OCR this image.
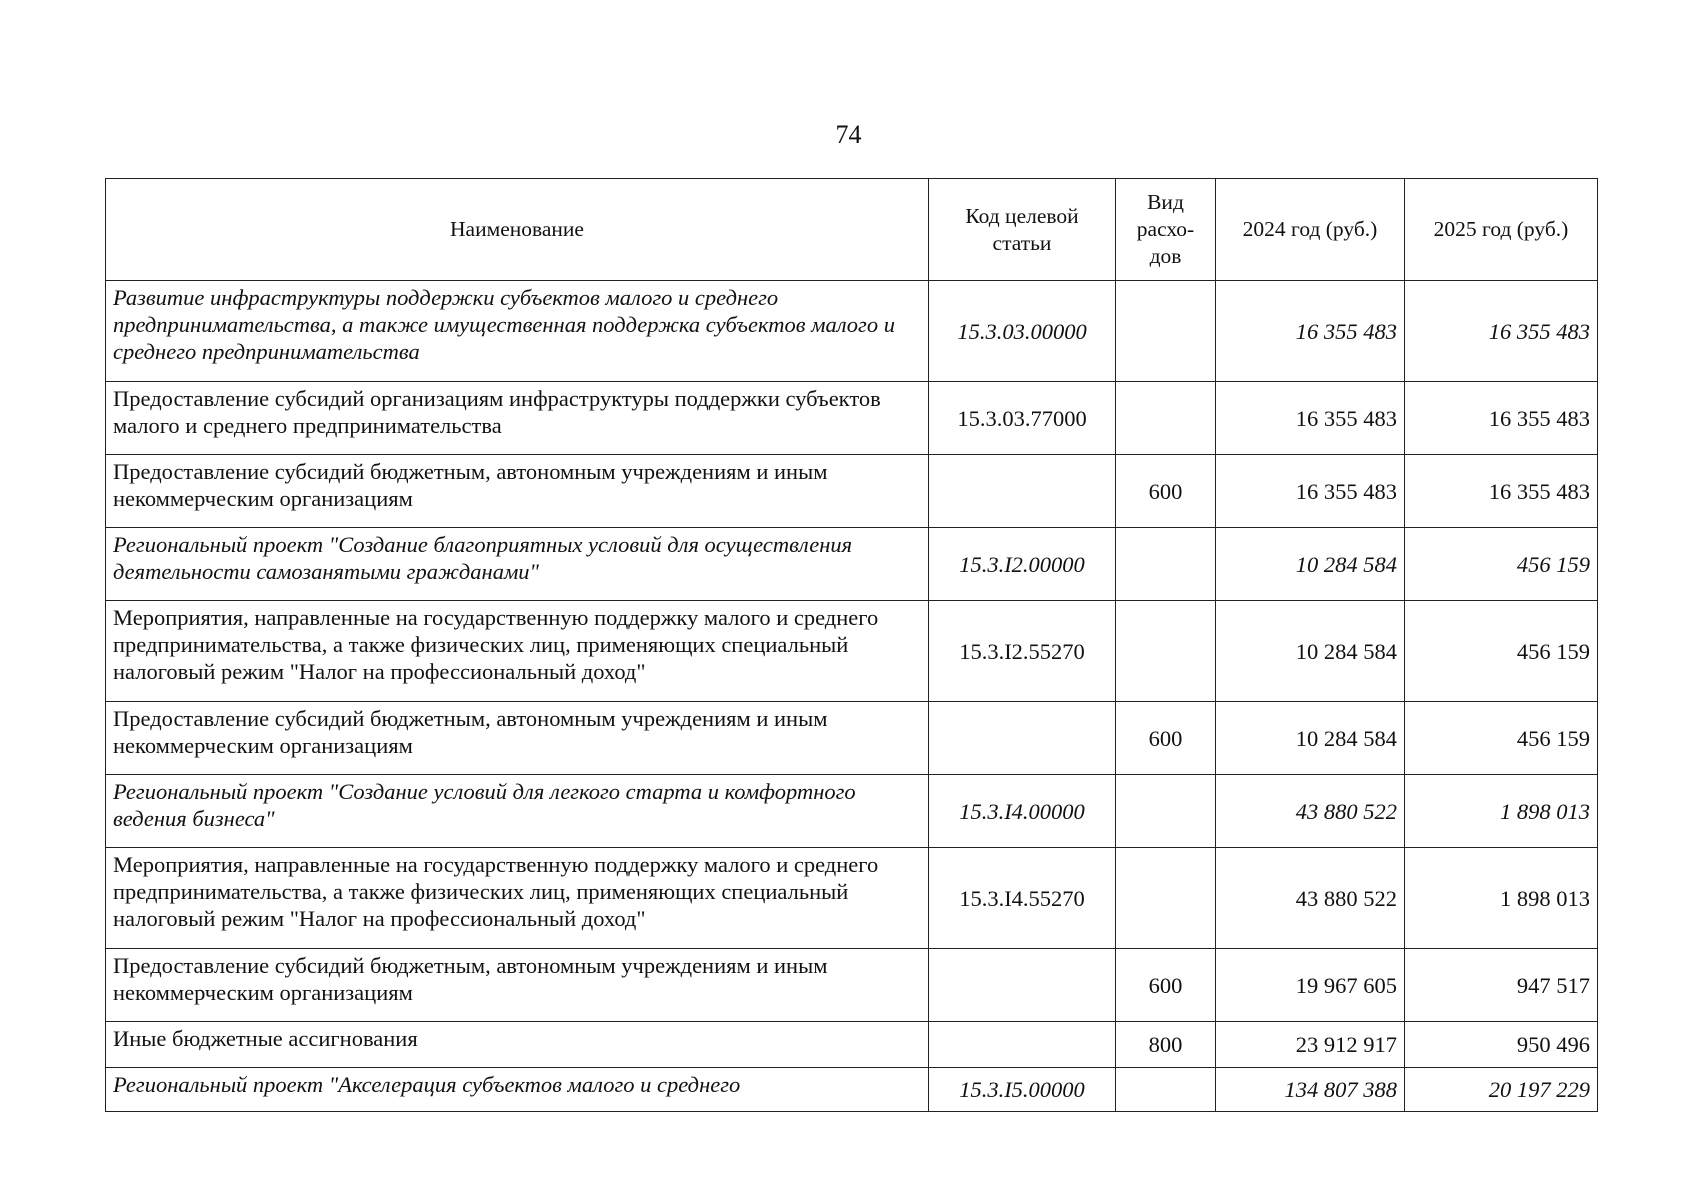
74
Наименование	Код целевой статьи	Вид расхо-дов	2024 год (руб.)	2025 год (руб.)
Развитие инфраструктуры поддержки субъектов малого и среднего предпринимательства, а также имущественная поддержка субъектов малого и среднего предпринимательства	15.3.03.00000		16 355 483	16 355 483
Предоставление субсидий организациям инфраструктуры поддержки субъектов малого и среднего предпринимательства	15.3.03.77000		16 355 483	16 355 483
Предоставление субсидий бюджетным, автономным учреждениям и иным некоммерческим организациям		600	16 355 483	16 355 483
Региональный проект "Создание благоприятных условий для осуществления деятельности самозанятыми гражданами"	15.3.I2.00000		10 284 584	456 159
Мероприятия, направленные на государственную поддержку малого и среднего предпринимательства, а также физических лиц, применяющих специальный налоговый режим "Налог на профессиональный доход"	15.3.I2.55270		10 284 584	456 159
Предоставление субсидий бюджетным, автономным учреждениям и иным некоммерческим организациям		600	10 284 584	456 159
Региональный проект "Создание условий для легкого старта и комфортного ведения бизнеса"	15.3.I4.00000		43 880 522	1 898 013
Мероприятия, направленные на государственную поддержку малого и среднего предпринимательства, а также физических лиц, применяющих специальный налоговый режим "Налог на профессиональный доход"	15.3.I4.55270		43 880 522	1 898 013
Предоставление субсидий бюджетным, автономным учреждениям и иным некоммерческим организациям		600	19 967 605	947 517
Иные бюджетные ассигнования		800	23 912 917	950 496
Региональный проект "Акселерация субъектов малого и среднего	15.3.I5.00000		134 807 388	20 197 229
